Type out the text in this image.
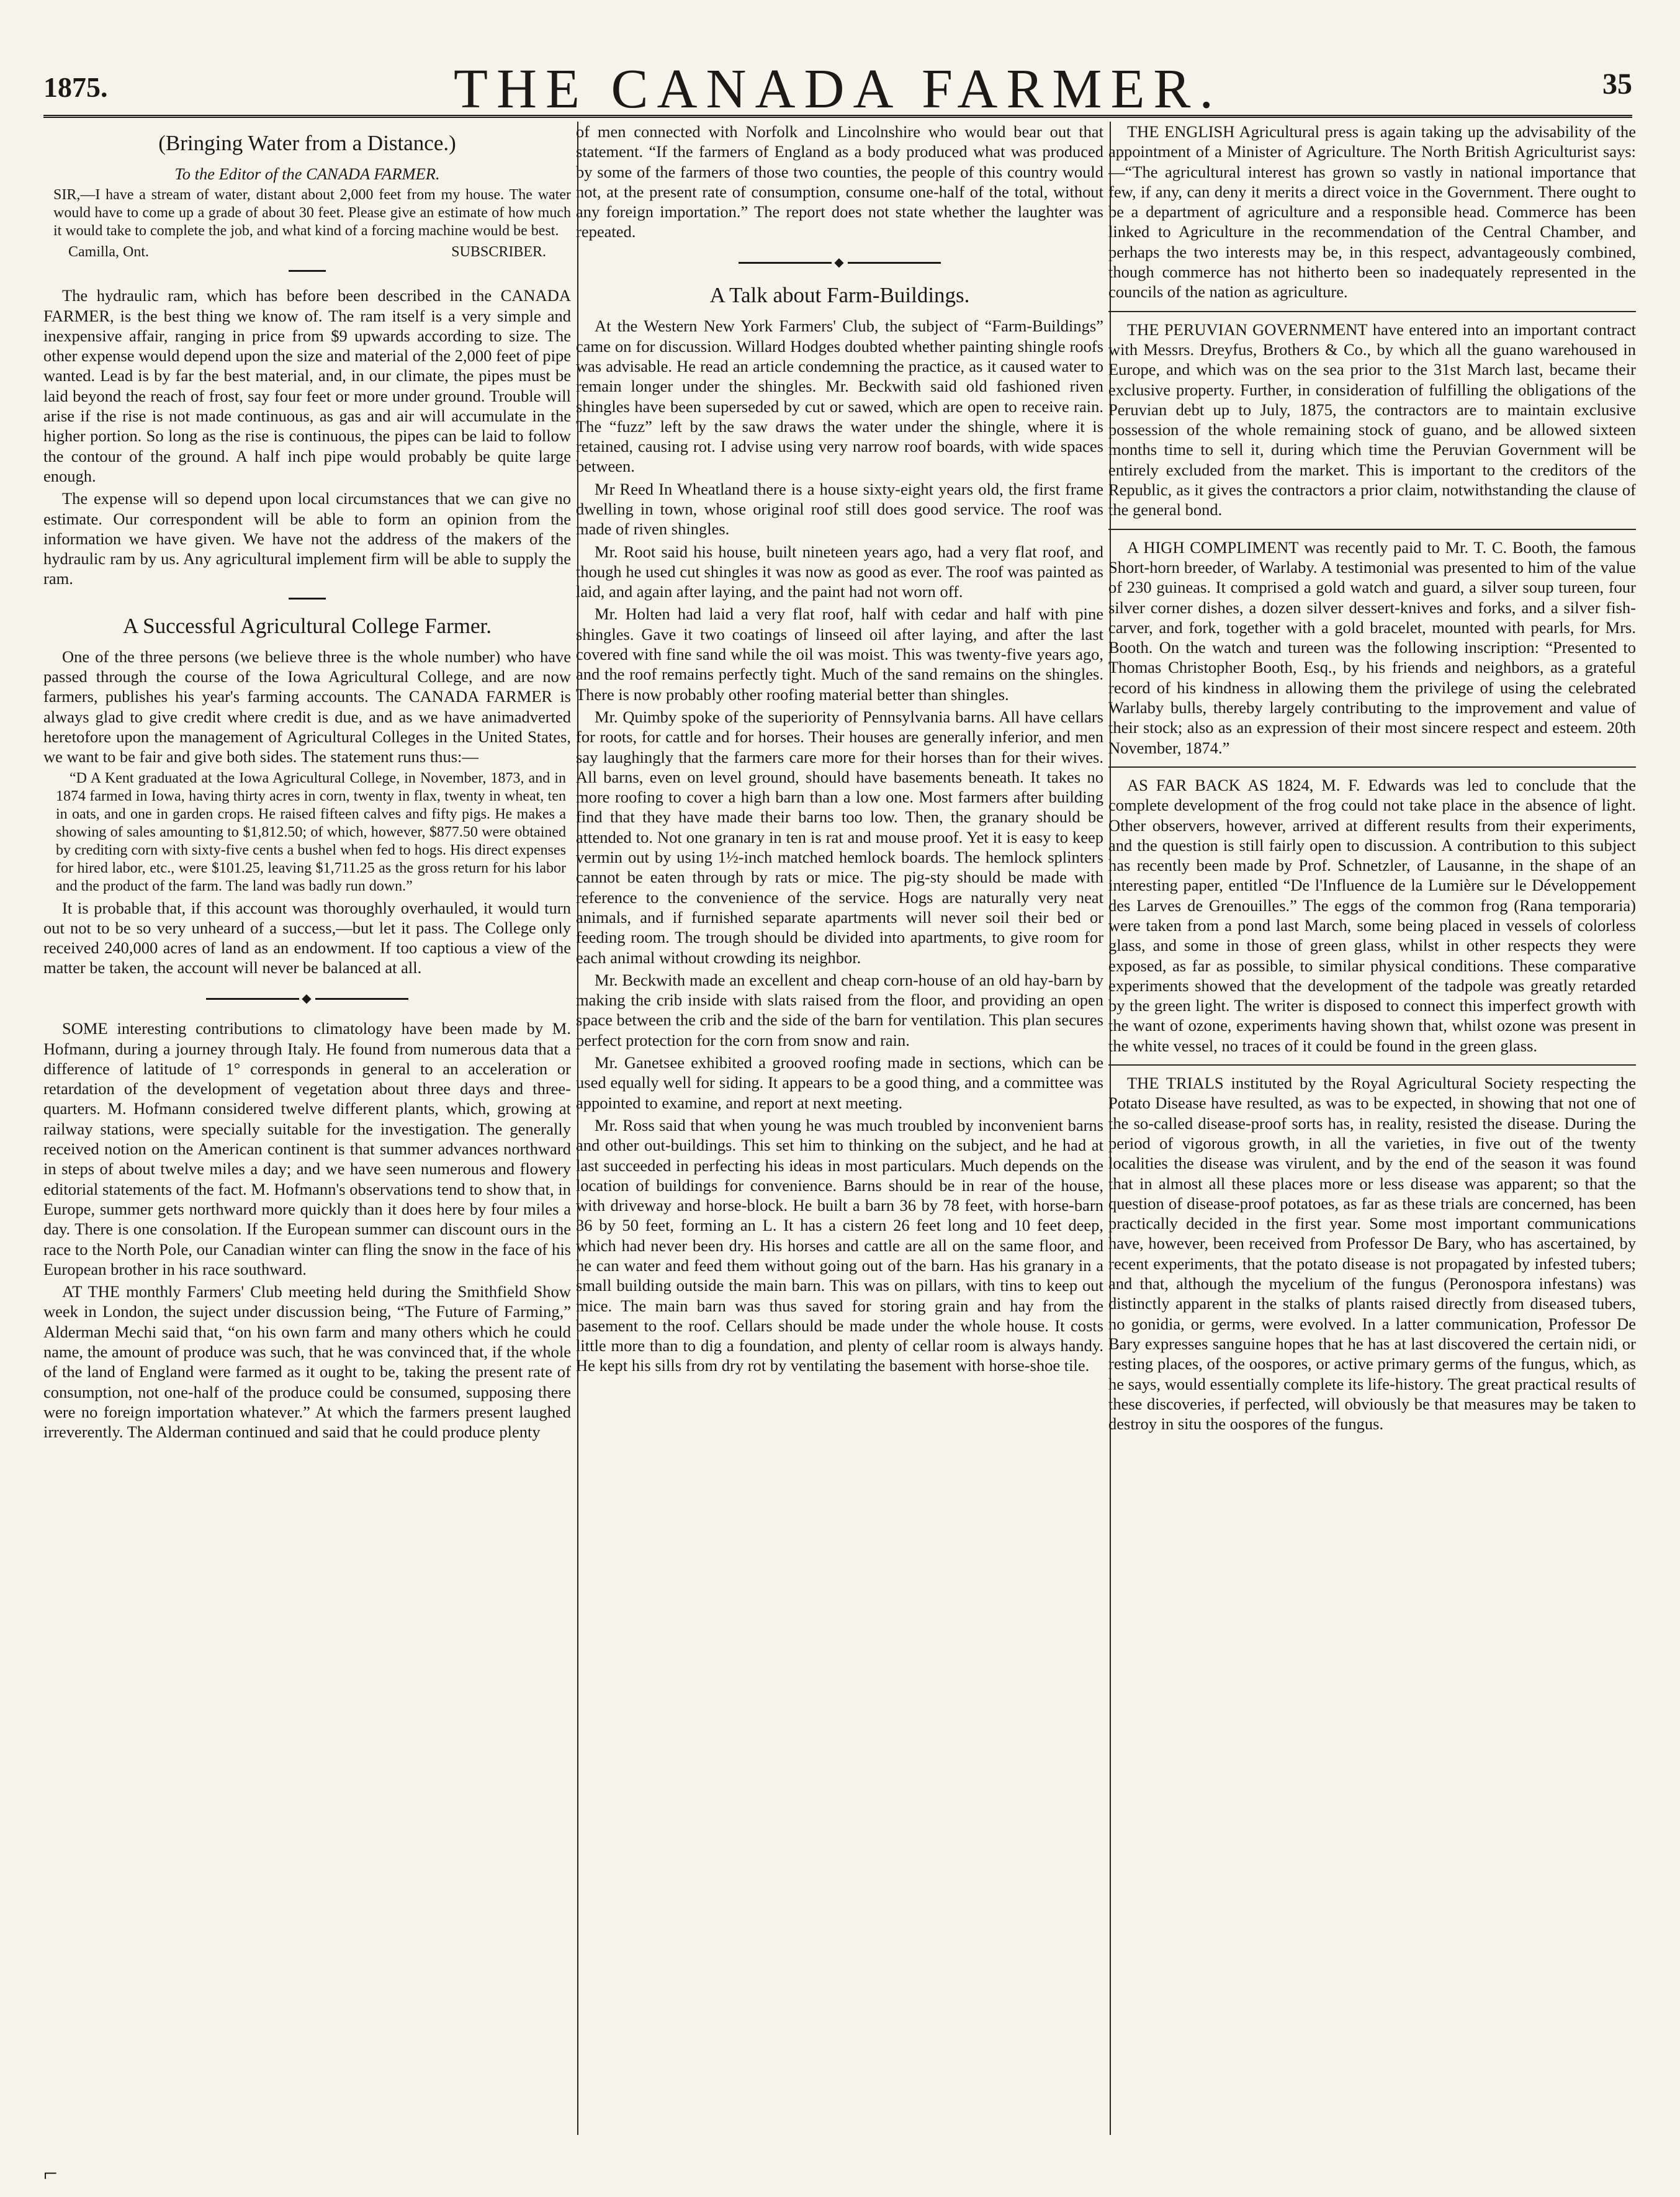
1875.	THE CANADA FARMER.	35
(Bringing Water from a Distance.)
To the Editor of the CANADA FARMER.

SIR,—I have a stream of water, distant about 2,000 feet from my house. The water would have to come up a grade of about 30 feet. Please give an estimate of how much it would take to complete the job, and what kind of a forcing machine would be best.

Camilla, Ont.	SUBSCRIBER.

The hydraulic ram, which has before been described in the CANADA FARMER, is the best thing we know of. The ram itself is a very simple and inexpensive affair, ranging in price from $9 upwards according to size. The other expense would depend upon the size and material of the 2,000 feet of pipe wanted. Lead is by far the best material, and, in our climate, the pipes must be laid beyond the reach of frost, say four feet or more under ground. Trouble will arise if the rise is not made continuous, as gas and air will accumulate in the higher portion. So long as the rise is continuous, the pipes can be laid to follow the contour of the ground. A half inch pipe would probably be quite large enough.

The expense will so depend upon local circumstances that we can give no estimate. Our correspondent will be able to form an opinion from the information we have given. We have not the address of the makers of the hydraulic ram by us. Any agricultural implement firm will be able to supply the ram.

A Successful Agricultural College Farmer.

One of the three persons (we believe three is the whole number) who have passed through the course of the Iowa Agricultural College, and are now farmers, publishes his year's farming accounts. The CANADA FARMER is always glad to give credit where credit is due, and as we have animadverted heretofore upon the management of Agricultural Colleges in the United States, we want to be fair and give both sides. The statement runs thus:—

“D A Kent graduated at the Iowa Agricultural College, in November, 1873, and in 1874 farmed in Iowa, having thirty acres in corn, twenty in flax, twenty in wheat, ten in oats, and one in garden crops. He raised fifteen calves and fifty pigs. He makes a showing of sales amounting to $1,812.50; of which, however, $877.50 were obtained by crediting corn with sixty-five cents a bushel when fed to hogs. His direct expenses for hired labor, etc., were $101.25, leaving $1,711.25 as the gross return for his labor and the product of the farm. The land was badly run down.”

It is probable that, if this account was thoroughly overhauled, it would turn out not to be so very unheard of a success,—but let it pass. The College only received 240,000 acres of land as an endowment. If too captious a view of the matter be taken, the account will never be balanced at all.

◆

SOME interesting contributions to climatology have been made by M. Hofmann, during a journey through Italy. He found from numerous data that a difference of latitude of 1° corresponds in general to an acceleration or retardation of the development of vegetation about three days and three-quarters. M. Hofmann considered twelve different plants, which, growing at railway stations, were specially suitable for the investigation. The generally received notion on the American continent is that summer advances northward in steps of about twelve miles a day; and we have seen numerous and flowery editorial statements of the fact. M. Hofmann's observations tend to show that, in Europe, summer gets northward more quickly than it does here by four miles a day. There is one consolation. If the European summer can discount ours in the race to the North Pole, our Canadian winter can fling the snow in the face of his European brother in his race southward.

AT THE monthly Farmers' Club meeting held during the Smithfield Show week in London, the suject under discussion being, “The Future of Farming,” Alderman Mechi said that, “on his own farm and many others which he could name, the amount of produce was such, that he was convinced that, if the whole of the land of England were farmed as it ought to be, taking the present rate of consumption, not one-half of the produce could be consumed, supposing there were no foreign importation whatever.” At which the farmers present laughed irreverently. The Alderman continued and said that he could produce plenty

of men connected with Norfolk and Lincolnshire who would bear out that statement. “If the farmers of England as a body produced what was produced by some of the farmers of those two counties, the people of this country would not, at the present rate of consumption, consume one-half of the total, without any foreign importation.” The report does not state whether the laughter was repeated.

◆
A Talk about Farm-Buildings.

At the Western New York Farmers' Club, the subject of “Farm-Buildings” came on for discussion. Willard Hodges doubted whether painting shingle roofs was advisable. He read an article condemning the practice, as it caused water to remain longer under the shingles. Mr. Beckwith said old fashioned riven shingles have been superseded by cut or sawed, which are open to receive rain. The “fuzz” left by the saw draws the water under the shingle, where it is retained, causing rot. I advise using very narrow roof boards, with wide spaces between.

Mr Reed In Wheatland there is a house sixty-eight years old, the first frame dwelling in town, whose original roof still does good service. The roof was made of riven shingles.

Mr. Root said his house, built nineteen years ago, had a very flat roof, and though he used cut shingles it was now as good as ever. The roof was painted as laid, and again after laying, and the paint had not worn off.

Mr. Holten had laid a very flat roof, half with cedar and half with pine shingles. Gave it two coatings of linseed oil after laying, and after the last covered with fine sand while the oil was moist. This was twenty-five years ago, and the roof remains perfectly tight. Much of the sand remains on the shingles. There is now probably other roofing material better than shingles.

Mr. Quimby spoke of the superiority of Pennsylvania barns. All have cellars for roots, for cattle and for horses. Their houses are generally inferior, and men say laughingly that the farmers care more for their horses than for their wives. All barns, even on level ground, should have basements beneath. It takes no more roofing to cover a high barn than a low one. Most farmers after building find that they have made their barns too low. Then, the granary should be attended to. Not one granary in ten is rat and mouse proof. Yet it is easy to keep vermin out by using 1½-inch matched hemlock boards. The hemlock splinters cannot be eaten through by rats or mice. The pig-sty should be made with reference to the convenience of the service. Hogs are naturally very neat animals, and if furnished separate apartments will never soil their bed or feeding room. The trough should be divided into apartments, to give room for each animal without crowding its neighbor.

Mr. Beckwith made an excellent and cheap corn-house of an old hay-barn by making the crib inside with slats raised from the floor, and providing an open space between the crib and the side of the barn for ventilation. This plan secures perfect protection for the corn from snow and rain.

Mr. Ganetsee exhibited a grooved roofing made in sections, which can be used equally well for siding. It appears to be a good thing, and a committee was appointed to examine, and report at next meeting.

Mr. Ross said that when young he was much troubled by inconvenient barns and other out-buildings. This set him to thinking on the subject, and he had at last succeeded in perfecting his ideas in most particulars. Much depends on the location of buildings for convenience. Barns should be in rear of the house, with driveway and horse-block. He built a barn 36 by 78 feet, with horse-barn 36 by 50 feet, forming an L. It has a cistern 26 feet long and 10 feet deep, which had never been dry. His horses and cattle are all on the same floor, and he can water and feed them without going out of the barn. Has his granary in a small building outside the main barn. This was on pillars, with tins to keep out mice. The main barn was thus saved for storing grain and hay from the basement to the roof. Cellars should be made under the whole house. It costs little more than to dig a foundation, and plenty of cellar room is always handy. He kept his sills from dry rot by ventilating the basement with horse-shoe tile.

THE ENGLISH Agricultural press is again taking up the advisability of the appointment of a Minister of Agriculture. The North British Agriculturist says:—“The agricultural interest has grown so vastly in national importance that few, if any, can deny it merits a direct voice in the Government. There ought to be a department of agriculture and a responsible head. Commerce has been linked to Agriculture in the recommendation of the Central Chamber, and perhaps the two interests may be, in this respect, advantageously combined, though commerce has not hitherto been so inadequately represented in the councils of the nation as agriculture.

THE PERUVIAN GOVERNMENT have entered into an important contract with Messrs. Dreyfus, Brothers & Co., by which all the guano warehoused in Europe, and which was on the sea prior to the 31st March last, became their exclusive property. Further, in consideration of fulfilling the obligations of the Peruvian debt up to July, 1875, the contractors are to maintain exclusive possession of the whole remaining stock of guano, and be allowed sixteen months time to sell it, during which time the Peruvian Government will be entirely excluded from the market. This is important to the creditors of the Republic, as it gives the contractors a prior claim, notwithstanding the clause of the general bond.

A HIGH COMPLIMENT was recently paid to Mr. T. C. Booth, the famous Short-horn breeder, of Warlaby. A testimonial was presented to him of the value of 230 guineas. It comprised a gold watch and guard, a silver soup tureen, four silver corner dishes, a dozen silver dessert-knives and forks, and a silver fish-carver, and fork, together with a gold bracelet, mounted with pearls, for Mrs. Booth. On the watch and tureen was the following inscription: “Presented to Thomas Christopher Booth, Esq., by his friends and neighbors, as a grateful record of his kindness in allowing them the privilege of using the celebrated Warlaby bulls, thereby largely contributing to the improvement and value of their stock; also as an expression of their most sincere respect and esteem. 20th November, 1874.”

AS FAR BACK AS 1824, M. F. Edwards was led to conclude that the complete development of the frog could not take place in the absence of light. Other observers, however, arrived at different results from their experiments, and the question is still fairly open to discussion. A contribution to this subject has recently been made by Prof. Schnetzler, of Lausanne, in the shape of an interesting paper, entitled “De l'Influence de la Lumière sur le Développement des Larves de Grenouilles.” The eggs of the common frog (Rana temporaria) were taken from a pond last March, some being placed in vessels of colorless glass, and some in those of green glass, whilst in other respects they were exposed, as far as possible, to similar physical conditions. These comparative experiments showed that the development of the tadpole was greatly retarded by the green light. The writer is disposed to connect this imperfect growth with the want of ozone, experiments having shown that, whilst ozone was present in the white vessel, no traces of it could be found in the green glass.

THE TRIALS instituted by the Royal Agricultural Society respecting the Potato Disease have resulted, as was to be expected, in showing that not one of the so-called disease-proof sorts has, in reality, resisted the disease. During the period of vigorous growth, in all the varieties, in five out of the twenty localities the disease was virulent, and by the end of the season it was found that in almost all these places more or less disease was apparent; so that the question of disease-proof potatoes, as far as these trials are concerned, has been practically decided in the first year. Some most important communications have, however, been received from Professor De Bary, who has ascertained, by recent experiments, that the potato disease is not propagated by infested tubers; and that, although the mycelium of the fungus (Peronospora infestans) was distinctly apparent in the stalks of plants raised directly from diseased tubers, no gonidia, or germs, were evolved. In a latter communication, Professor De Bary expresses sanguine hopes that he has at last discovered the certain nidi, or resting places, of the oospores, or active primary germs of the fungus, which, as he says, would essentially complete its life-history. The great practical results of these discoveries, if perfected, will obviously be that measures may be taken to destroy in situ the oospores of the fungus.

⌐
